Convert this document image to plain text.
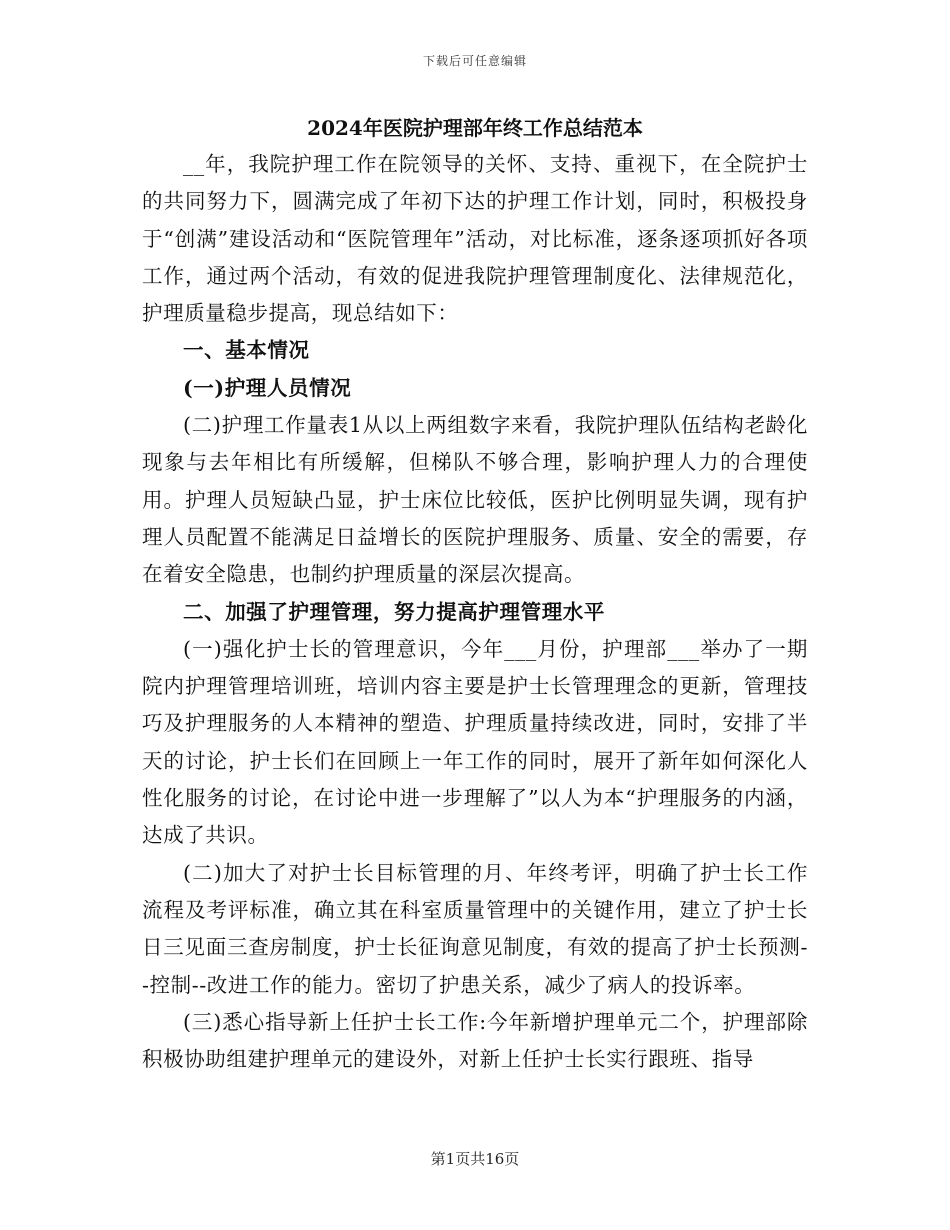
下载后可任意编辑
2024年医院护理部年终工作总结范本

__年，我院护理工作在院领导的关怀、支持、重视下，在全院护士的共同努力下，圆满完成了年初下达的护理工作计划，同时，积极投身于“创满”建设活动和“医院管理年”活动，对比标准，逐条逐项抓好各项工作，通过两个活动，有效的促进我院护理管理制度化、法律规范化，护理质量稳步提高，现总结如下：

一、基本情况

(一)护理人员情况

(二)护理工作量表1从以上两组数字来看，我院护理队伍结构老龄化现象与去年相比有所缓解，但梯队不够合理，影响护理人力的合理使用。护理人员短缺凸显，护士床位比较低，医护比例明显失调，现有护理人员配置不能满足日益增长的医院护理服务、质量、安全的需要，存在着安全隐患，也制约护理质量的深层次提高。

二、加强了护理管理，努力提高护理管理水平

(一)强化护士长的管理意识，今年___月份，护理部___举办了一期院内护理管理培训班，培训内容主要是护士长管理理念的更新，管理技巧及护理服务的人本精神的塑造、护理质量持续改进，同时，安排了半天的讨论，护士长们在回顾上一年工作的同时，展开了新年如何深化人性化服务的讨论，在讨论中进一步理解了”以人为本“护理服务的内涵，达成了共识。

(二)加大了对护士长目标管理的月、年终考评，明确了护士长工作流程及考评标准，确立其在科室质量管理中的关键作用，建立了护士长日三见面三查房制度，护士长征询意见制度，有效的提高了护士长预测--控制--改进工作的能力。密切了护患关系，减少了病人的投诉率。

(三)悉心指导新上任护士长工作:今年新增护理单元二个，护理部除积极协助组建护理单元的建设外，对新上任护士长实行跟班、指导

第1页共16页
